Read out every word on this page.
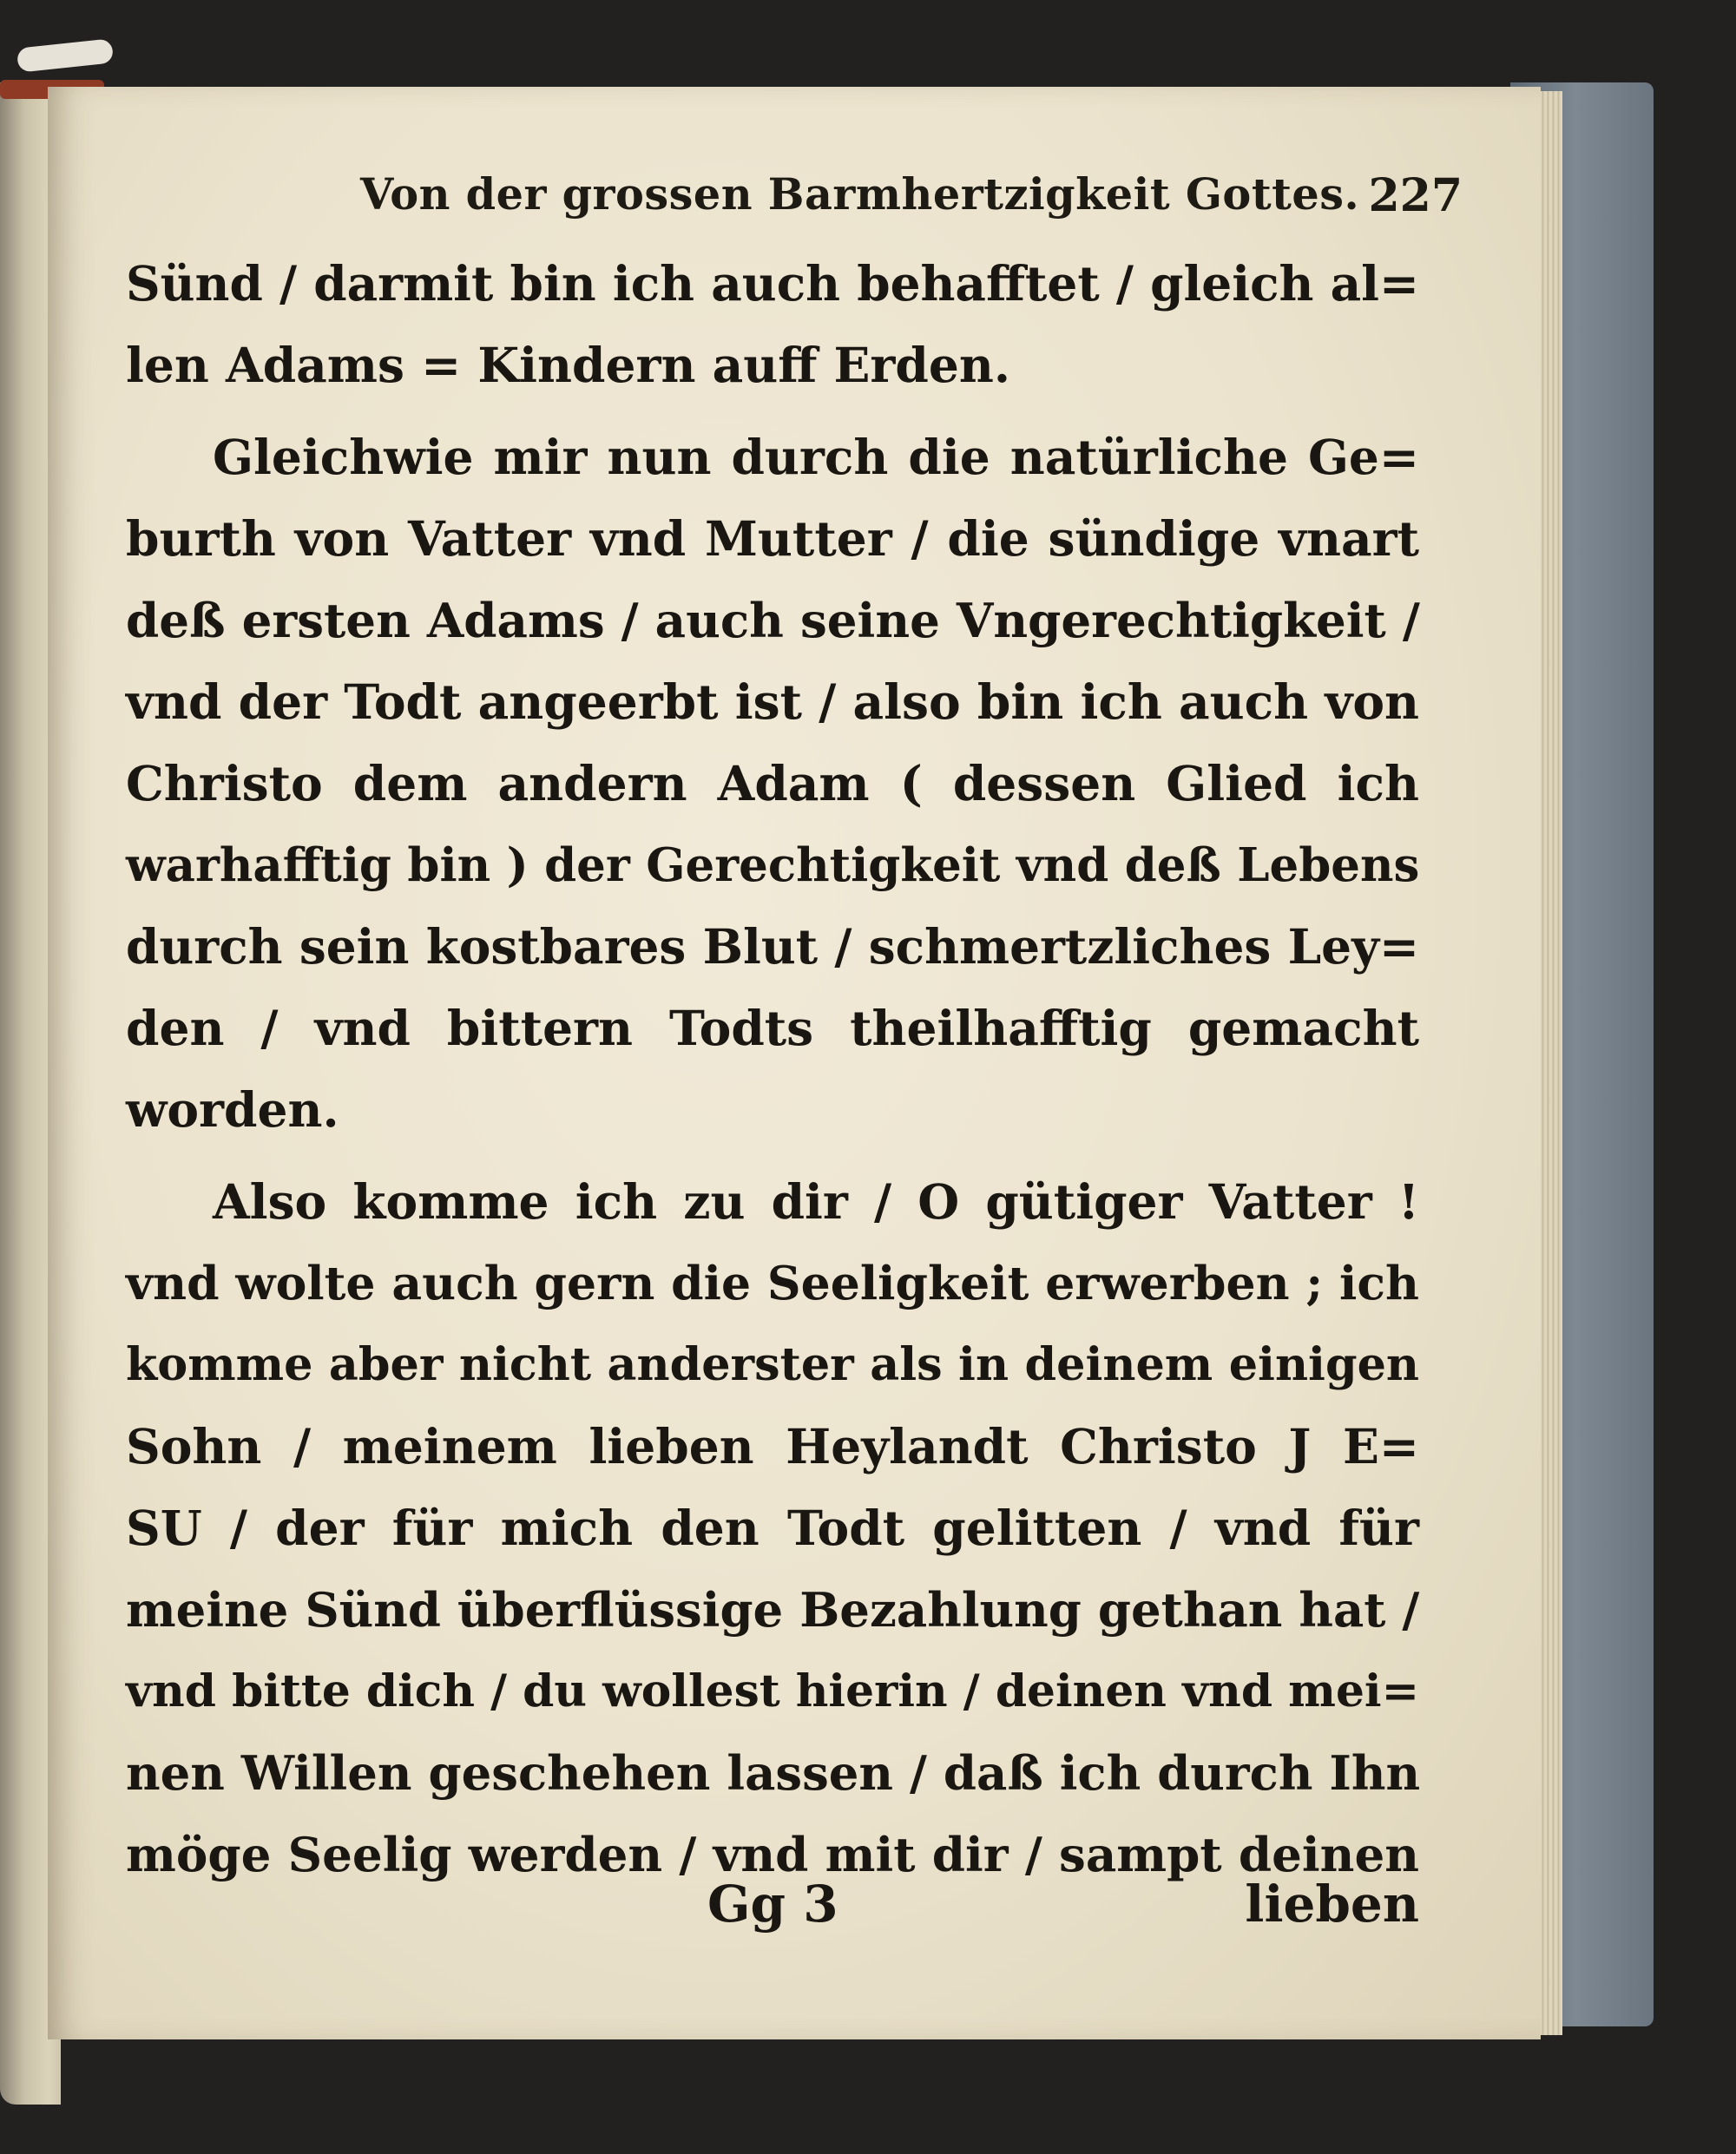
Von der grossen Barmhertzigkeit Gottes. 227
Sünd / darmit bin ich auch behafftet / gleich al=
len Adams = Kindern auff Erden.
Gleichwie mir nun durch die natürliche Ge=
burth von Vatter vnd Mutter / die sündige vnart
deß ersten Adams / auch seine Vngerechtigkeit /
vnd der Todt angeerbt ist / also bin ich auch von
Christo dem andern Adam ( dessen Glied ich
warhafftig bin ) der Gerechtigkeit vnd deß Lebens
durch sein kostbares Blut / schmertzliches Ley=
den / vnd bittern Todts theilhafftig gemacht
worden.
Also komme ich zu dir / O gütiger Vatter !
vnd wolte auch gern die Seeligkeit erwerben ; ich
komme aber nicht anderster als in deinem einigen
Sohn / meinem lieben Heylandt Christo J E=
SU / der für mich den Todt gelitten / vnd für
meine Sünd überflüssige Bezahlung gethan hat /
vnd bitte dich / du wollest hierin / deinen vnd mei=
nen Willen geschehen lassen / daß ich durch Ihn
möge Seelig werden / vnd mit dir / sampt deinen
Gg 3	lieben
